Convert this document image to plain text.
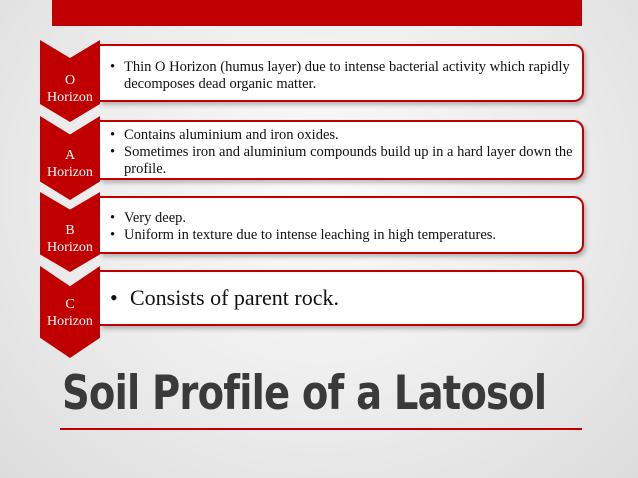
O
Horizon
• Thin O Horizon (humus layer) due to intense bacterial activity which rapidly decomposes dead organic matter.
A
Horizon
• Contains aluminium and iron oxides.
• Sometimes iron and aluminium compounds build up in a hard layer down the profile.
B
Horizon
• Very deep.
• Uniform in texture due to intense leaching in high temperatures.
C
Horizon
• Consists of parent rock.
Soil Profile of a Latosol
